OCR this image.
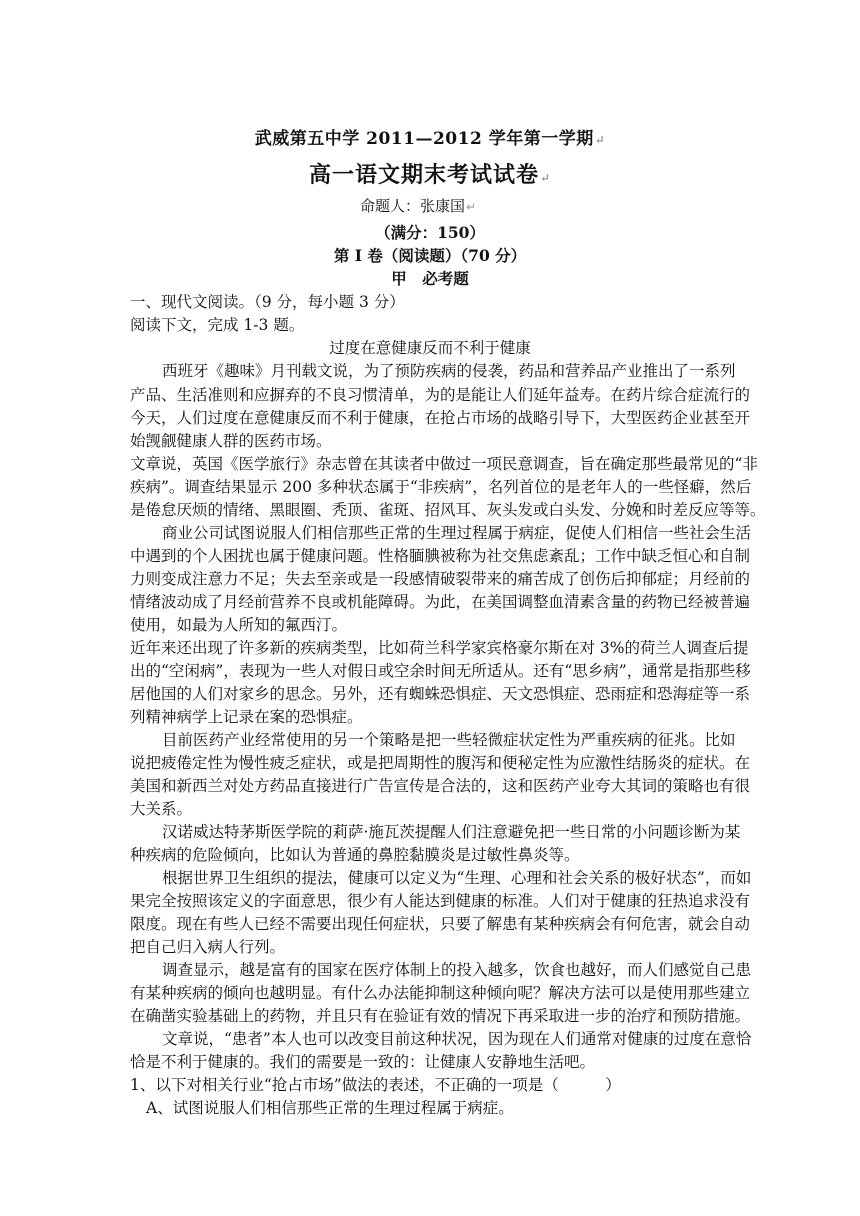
武威第五中学 2011—2012 学年第一学期↵
高一语文期末考试试卷↵
命题人：张康国↵
（满分：150）
第 I 卷（阅读题）（70 分）
甲　必考题
一、现代文阅读。（9 分，每小题 3 分）
阅读下文，完成 1-3 题。
过度在意健康反而不利于健康
西班牙《趣味》月刊载文说，为了预防疾病的侵袭，药品和营养品产业推出了一系列
产品、生活准则和应摒弃的不良习惯清单，为的是能让人们延年益寿。在药片综合症流行的
今天，人们过度在意健康反而不利于健康，在抢占市场的战略引导下，大型医药企业甚至开
始觊觎健康人群的医药市场。
文章说，英国《医学旅行》杂志曾在其读者中做过一项民意调查，旨在确定那些最常见的“非
疾病”。调查结果显示 200 多种状态属于“非疾病”，名列首位的是老年人的一些怪癖，然后
是倦怠厌烦的情绪、黑眼圈、秃顶、雀斑、招风耳、灰头发或白头发、分娩和时差反应等等。
商业公司试图说服人们相信那些正常的生理过程属于病症，促使人们相信一些社会生活
中遇到的个人困扰也属于健康问题。性格腼腆被称为社交焦虑紊乱；工作中缺乏恒心和自制
力则变成注意力不足；失去至亲或是一段感情破裂带来的痛苦成了创伤后抑郁症；月经前的
情绪波动成了月经前营养不良或机能障碍。为此，在美国调整血清素含量的药物已经被普遍
使用，如最为人所知的氟西汀。
近年来还出现了许多新的疾病类型，比如荷兰科学家宾格豪尔斯在对 3%的荷兰人调查后提
出的“空闲病”，表现为一些人对假日或空余时间无所适从。还有“思乡病”，通常是指那些移
居他国的人们对家乡的思念。另外，还有蜘蛛恐惧症、天文恐惧症、恐雨症和恐海症等一系
列精神病学上记录在案的恐惧症。
目前医药产业经常使用的另一个策略是把一些轻微症状定性为严重疾病的征兆。比如
说把疲倦定性为慢性疲乏症状，或是把周期性的腹泻和便秘定性为应激性结肠炎的症状。在
美国和新西兰对处方药品直接进行广告宣传是合法的，这和医药产业夸大其词的策略也有很
大关系。
汉诺威达特茅斯医学院的莉萨·施瓦茨提醒人们注意避免把一些日常的小问题诊断为某
种疾病的危险倾向，比如认为普通的鼻腔黏膜炎是过敏性鼻炎等。
根据世界卫生组织的提法，健康可以定义为“生理、心理和社会关系的极好状态”，而如
果完全按照该定义的字面意思，很少有人能达到健康的标准。人们对于健康的狂热追求没有
限度。现在有些人已经不需要出现任何症状，只要了解患有某种疾病会有何危害，就会自动
把自己归入病人行列。
调查显示，越是富有的国家在医疗体制上的投入越多，饮食也越好，而人们感觉自己患
有某种疾病的倾向也越明显。有什么办法能抑制这种倾向呢？解决方法可以是使用那些建立
在确凿实验基础上的药物，并且只有在验证有效的情况下再采取进一步的治疗和预防措施。
文章说，“患者”本人也可以改变目前这种状况，因为现在人们通常对健康的过度在意恰
恰是不利于健康的。我们的需要是一致的：让健康人安静地生活吧。
1、以下对相关行业“抢占市场”做法的表述，不正确的一项是（　　　）
A、试图说服人们相信那些正常的生理过程属于病症。
